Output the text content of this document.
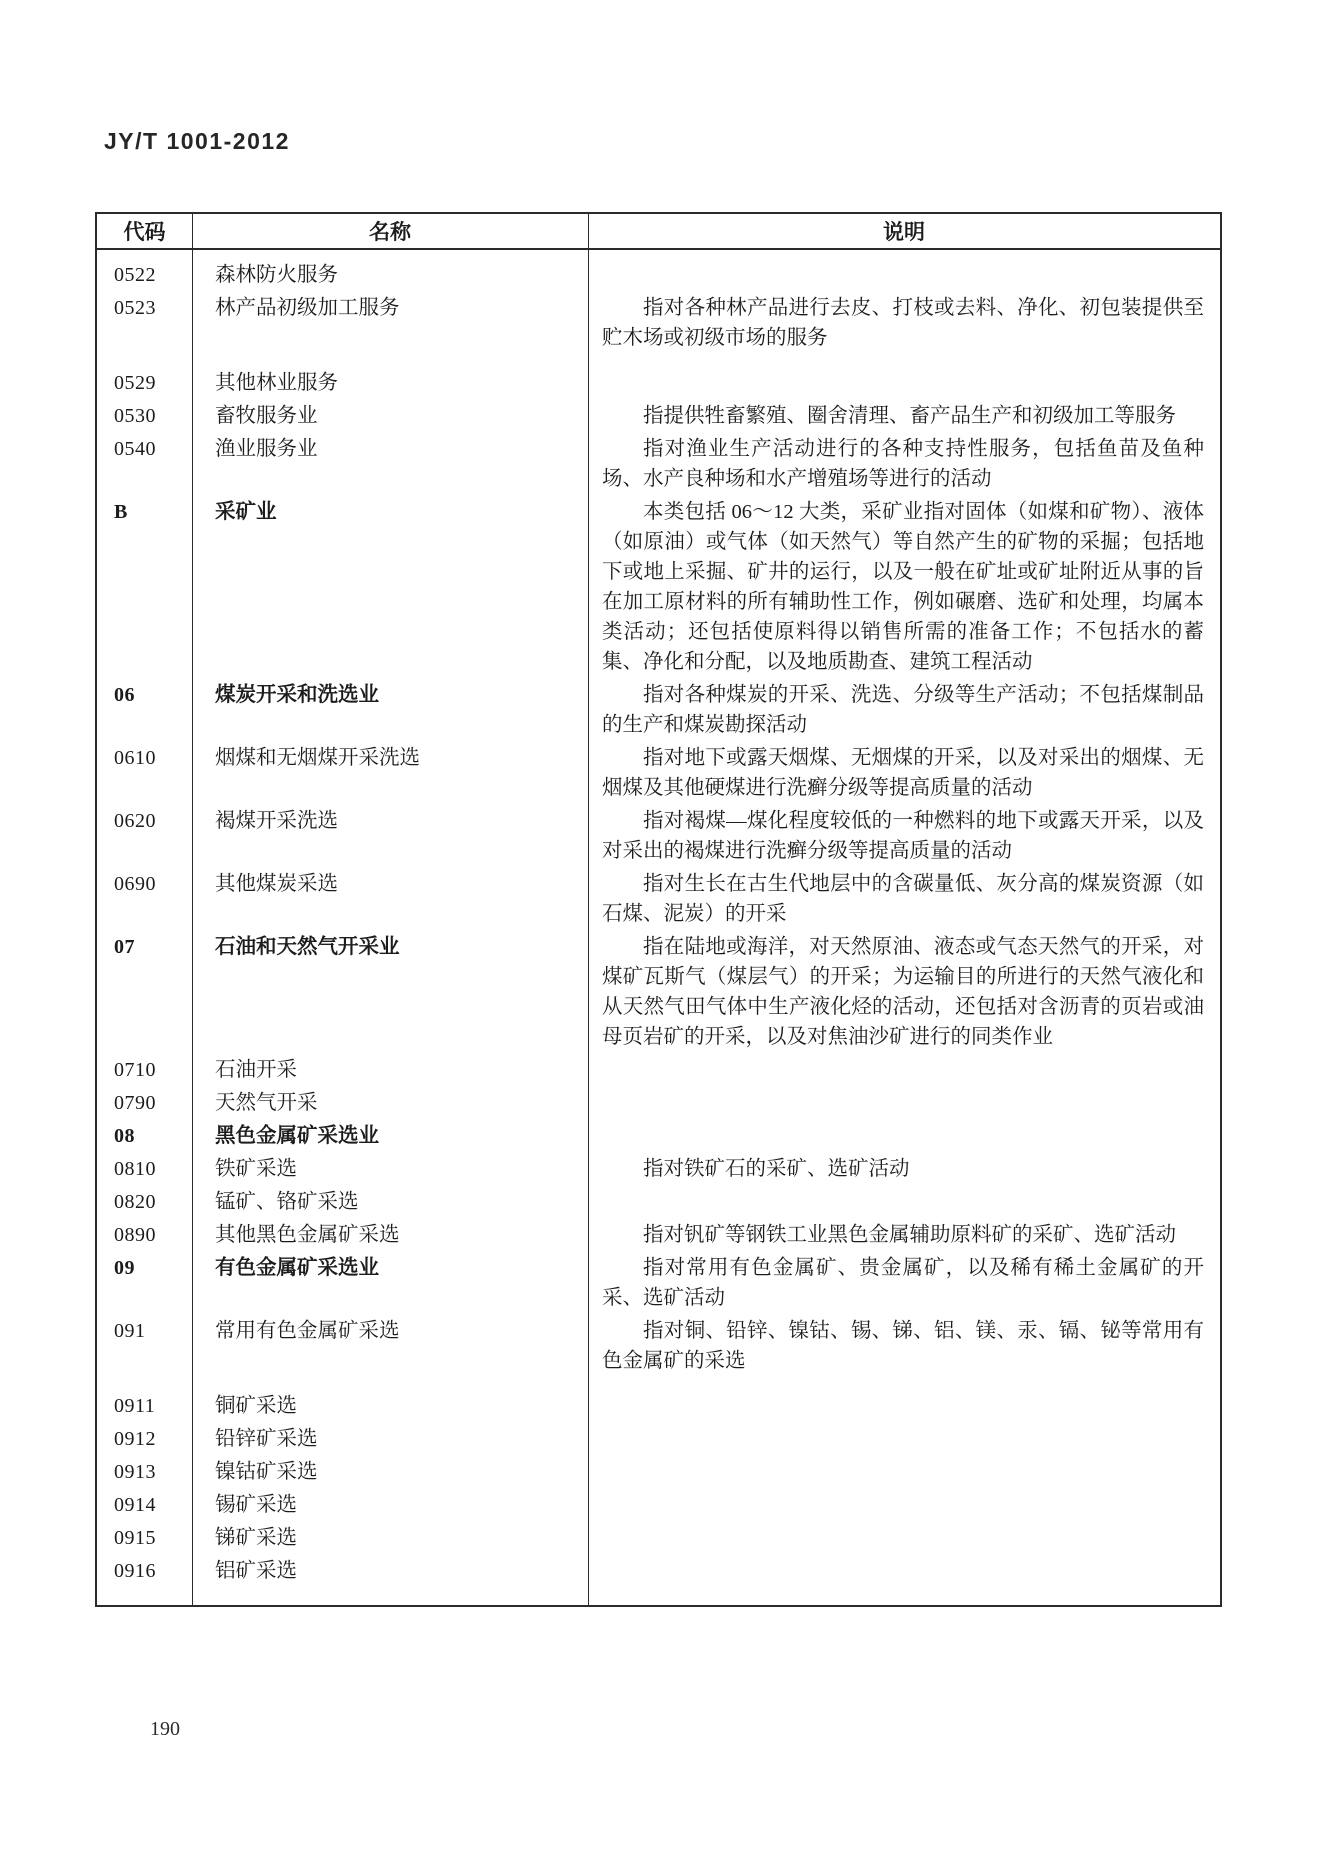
JY/T 1001-2012
代码	名称	说明
0522	森林防火服务
0523	林产品初级加工服务	指对各种林产品进行去皮、打枝或去料、净化、初包装提供至贮木场或初级市场的服务
0529	其他林业服务
0530	畜牧服务业	指提供牲畜繁殖、圈舍清理、畜产品生产和初级加工等服务
0540	渔业服务业	指对渔业生产活动进行的各种支持性服务，包括鱼苗及鱼种场、水产良种场和水产增殖场等进行的活动
B	采矿业	本类包括 06～12 大类，采矿业指对固体（如煤和矿物）、液体（如原油）或气体（如天然气）等自然产生的矿物的采掘；包括地下或地上采掘、矿井的运行，以及一般在矿址或矿址附近从事的旨在加工原材料的所有辅助性工作，例如碾磨、选矿和处理，均属本类活动；还包括使原料得以销售所需的准备工作；不包括水的蓄集、净化和分配，以及地质勘查、建筑工程活动
06	煤炭开采和洗选业	指对各种煤炭的开采、洗选、分级等生产活动；不包括煤制品的生产和煤炭勘探活动
0610	烟煤和无烟煤开采洗选	指对地下或露天烟煤、无烟煤的开采，以及对采出的烟煤、无烟煤及其他硬煤进行洗癣分级等提高质量的活动
0620	褐煤开采洗选	指对褐煤—煤化程度较低的一种燃料的地下或露天开采，以及对采出的褐煤进行洗癣分级等提高质量的活动
0690	其他煤炭采选	指对生长在古生代地层中的含碳量低、灰分高的煤炭资源（如石煤、泥炭）的开采
07	石油和天然气开采业	指在陆地或海洋，对天然原油、液态或气态天然气的开采，对煤矿瓦斯气（煤层气）的开采；为运输目的所进行的天然气液化和从天然气田气体中生产液化烃的活动，还包括对含沥青的页岩或油母页岩矿的开采，以及对焦油沙矿进行的同类作业
0710	石油开采
0790	天然气开采
08	黑色金属矿采选业
0810	铁矿采选	指对铁矿石的采矿、选矿活动
0820	锰矿、铬矿采选
0890	其他黑色金属矿采选	指对钒矿等钢铁工业黑色金属辅助原料矿的采矿、选矿活动
09	有色金属矿采选业	指对常用有色金属矿、贵金属矿，以及稀有稀土金属矿的开采、选矿活动
091	常用有色金属矿采选	指对铜、铅锌、镍钴、锡、锑、铝、镁、汞、镉、铋等常用有色金属矿的采选
0911	铜矿采选
0912	铅锌矿采选
0913	镍钴矿采选
0914	锡矿采选
0915	锑矿采选
0916	铝矿采选
190
